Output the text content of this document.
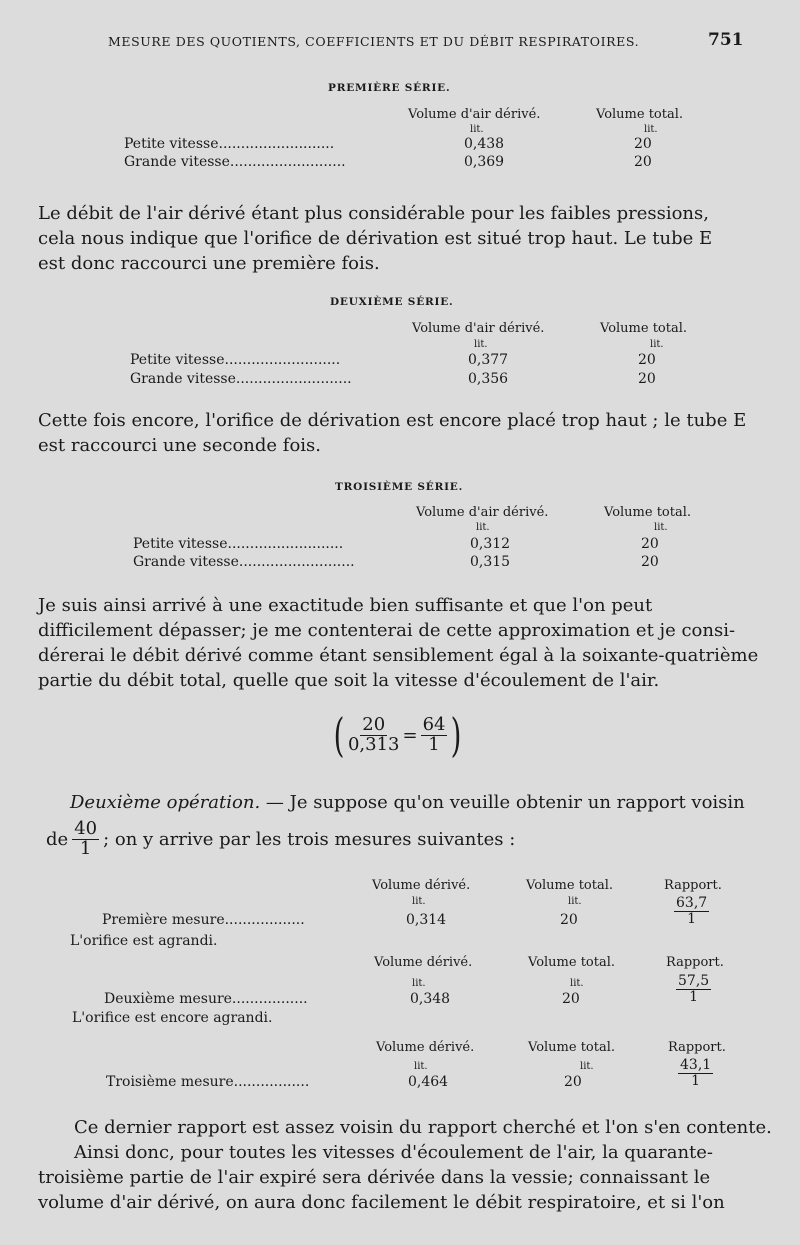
MESURE DES QUOTIENTS, COEFFICIENTS ET DU DÉBIT RESPIRATOIRES.	751
PREMIÈRE SÉRIE.
Volume d'air dérivé.	Volume total.
lit.	lit.
Petite vitesse..........................	0,438	20
Grande vitesse..........................	0,369	20
Le débit de l'air dérivé étant plus considérable pour les faibles pressions,
cela nous indique que l'orifice de dérivation est situé trop haut. Le tube E
est donc raccourci une première fois.
DEUXIÈME SÉRIE.
Volume d'air dérivé.	Volume total.
lit.	lit.
Petite vitesse..........................	0,377	20
Grande vitesse..........................	0,356	20
Cette fois encore, l'orifice de dérivation est encore placé trop haut ; le tube E
est raccourci une seconde fois.
TROISIÈME SÉRIE.
Volume d'air dérivé.	Volume total.
lit.	lit.
Petite vitesse..........................	0,312	20
Grande vitesse..........................	0,315	20
Je suis ainsi arrivé à une exactitude bien suffisante et que l'on peut
difficilement dépasser; je me contenterai de cette approximation et je consi-
dérerai le débit dérivé comme étant sensiblement égal à la soixante-quatrième
partie du débit total, quelle que soit la vitesse d'écoulement de l'air.
( $\frac{20}{0,313} = \frac{64}{1}$ )
Deuxième opération. — Je suppose qu'on veuille obtenir un rapport voisin
de $\frac{40}{1}$ ; on y arrive par les trois mesures suivantes :
Volume dérivé.	Volume total.	Rapport.
lit.	lit.
Première mesure..................	0,314	20	$\frac{63,7}{1}$
L'orifice est agrandi.
Volume dérivé.	Volume total.	Rapport.
lit.	lit.
Deuxième mesure.................	0,348	20	$\frac{57,5}{1}$
L'orifice est encore agrandi.
Volume dérivé.	Volume total.	Rapport.
lit.	lit.
Troisième mesure.................	0,464	20	$\frac{43,1}{1}$
Ce dernier rapport est assez voisin du rapport cherché et l'on s'en contente.
Ainsi donc, pour toutes les vitesses d'écoulement de l'air, la quarante-
troisième partie de l'air expiré sera dérivée dans la vessie; connaissant le
volume d'air dérivé, on aura donc facilement le débit respiratoire, et si l'on
